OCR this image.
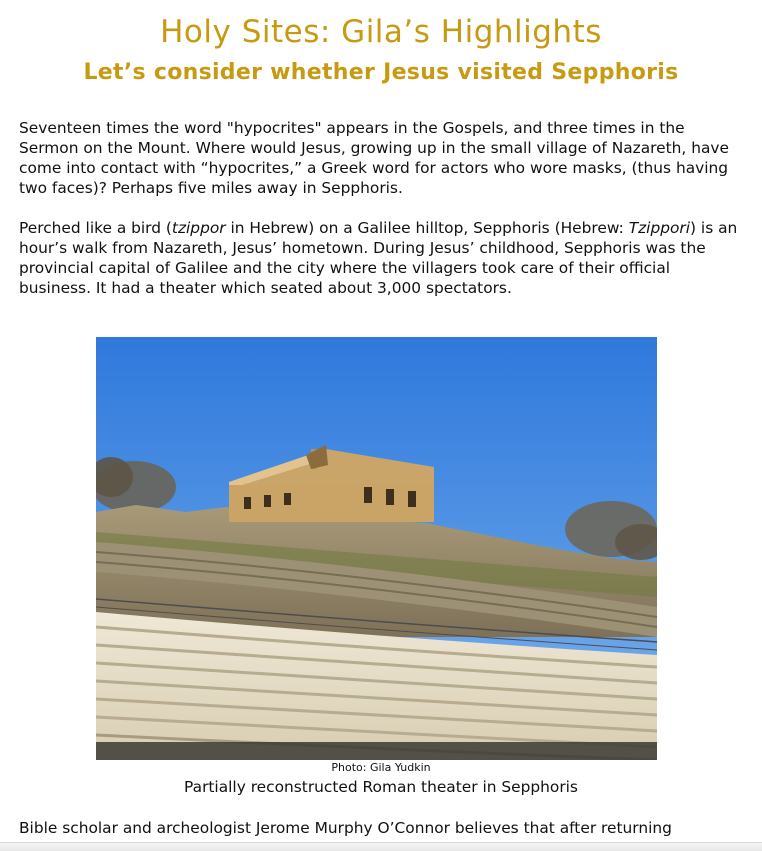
Holy Sites: Gila’s Highlights
Let’s consider whether Jesus visited Sepphoris

Seventeen times the word "hypocrites" appears in the Gospels, and three times in the Sermon on the Mount. Where would Jesus, growing up in the small village of Nazareth, have come into contact with “hypocrites,” a Greek word for actors who wore masks, (thus having two faces)? Perhaps five miles away in Sepphoris.

Perched like a bird (tzippor in Hebrew) on a Galilee hilltop, Sepphoris (Hebrew: Tzippori) is an hour’s walk from Nazareth, Jesus’ hometown. During Jesus’ childhood, Sepphoris was the provincial capital of Galilee and the city where the villagers took care of their official business. It had a theater which seated about 3,000 spectators.

Photo: Gila Yudkin
Partially reconstructed Roman theater in Sepphoris

Bible scholar and archeologist Jerome Murphy O’Connor believes that after returning
